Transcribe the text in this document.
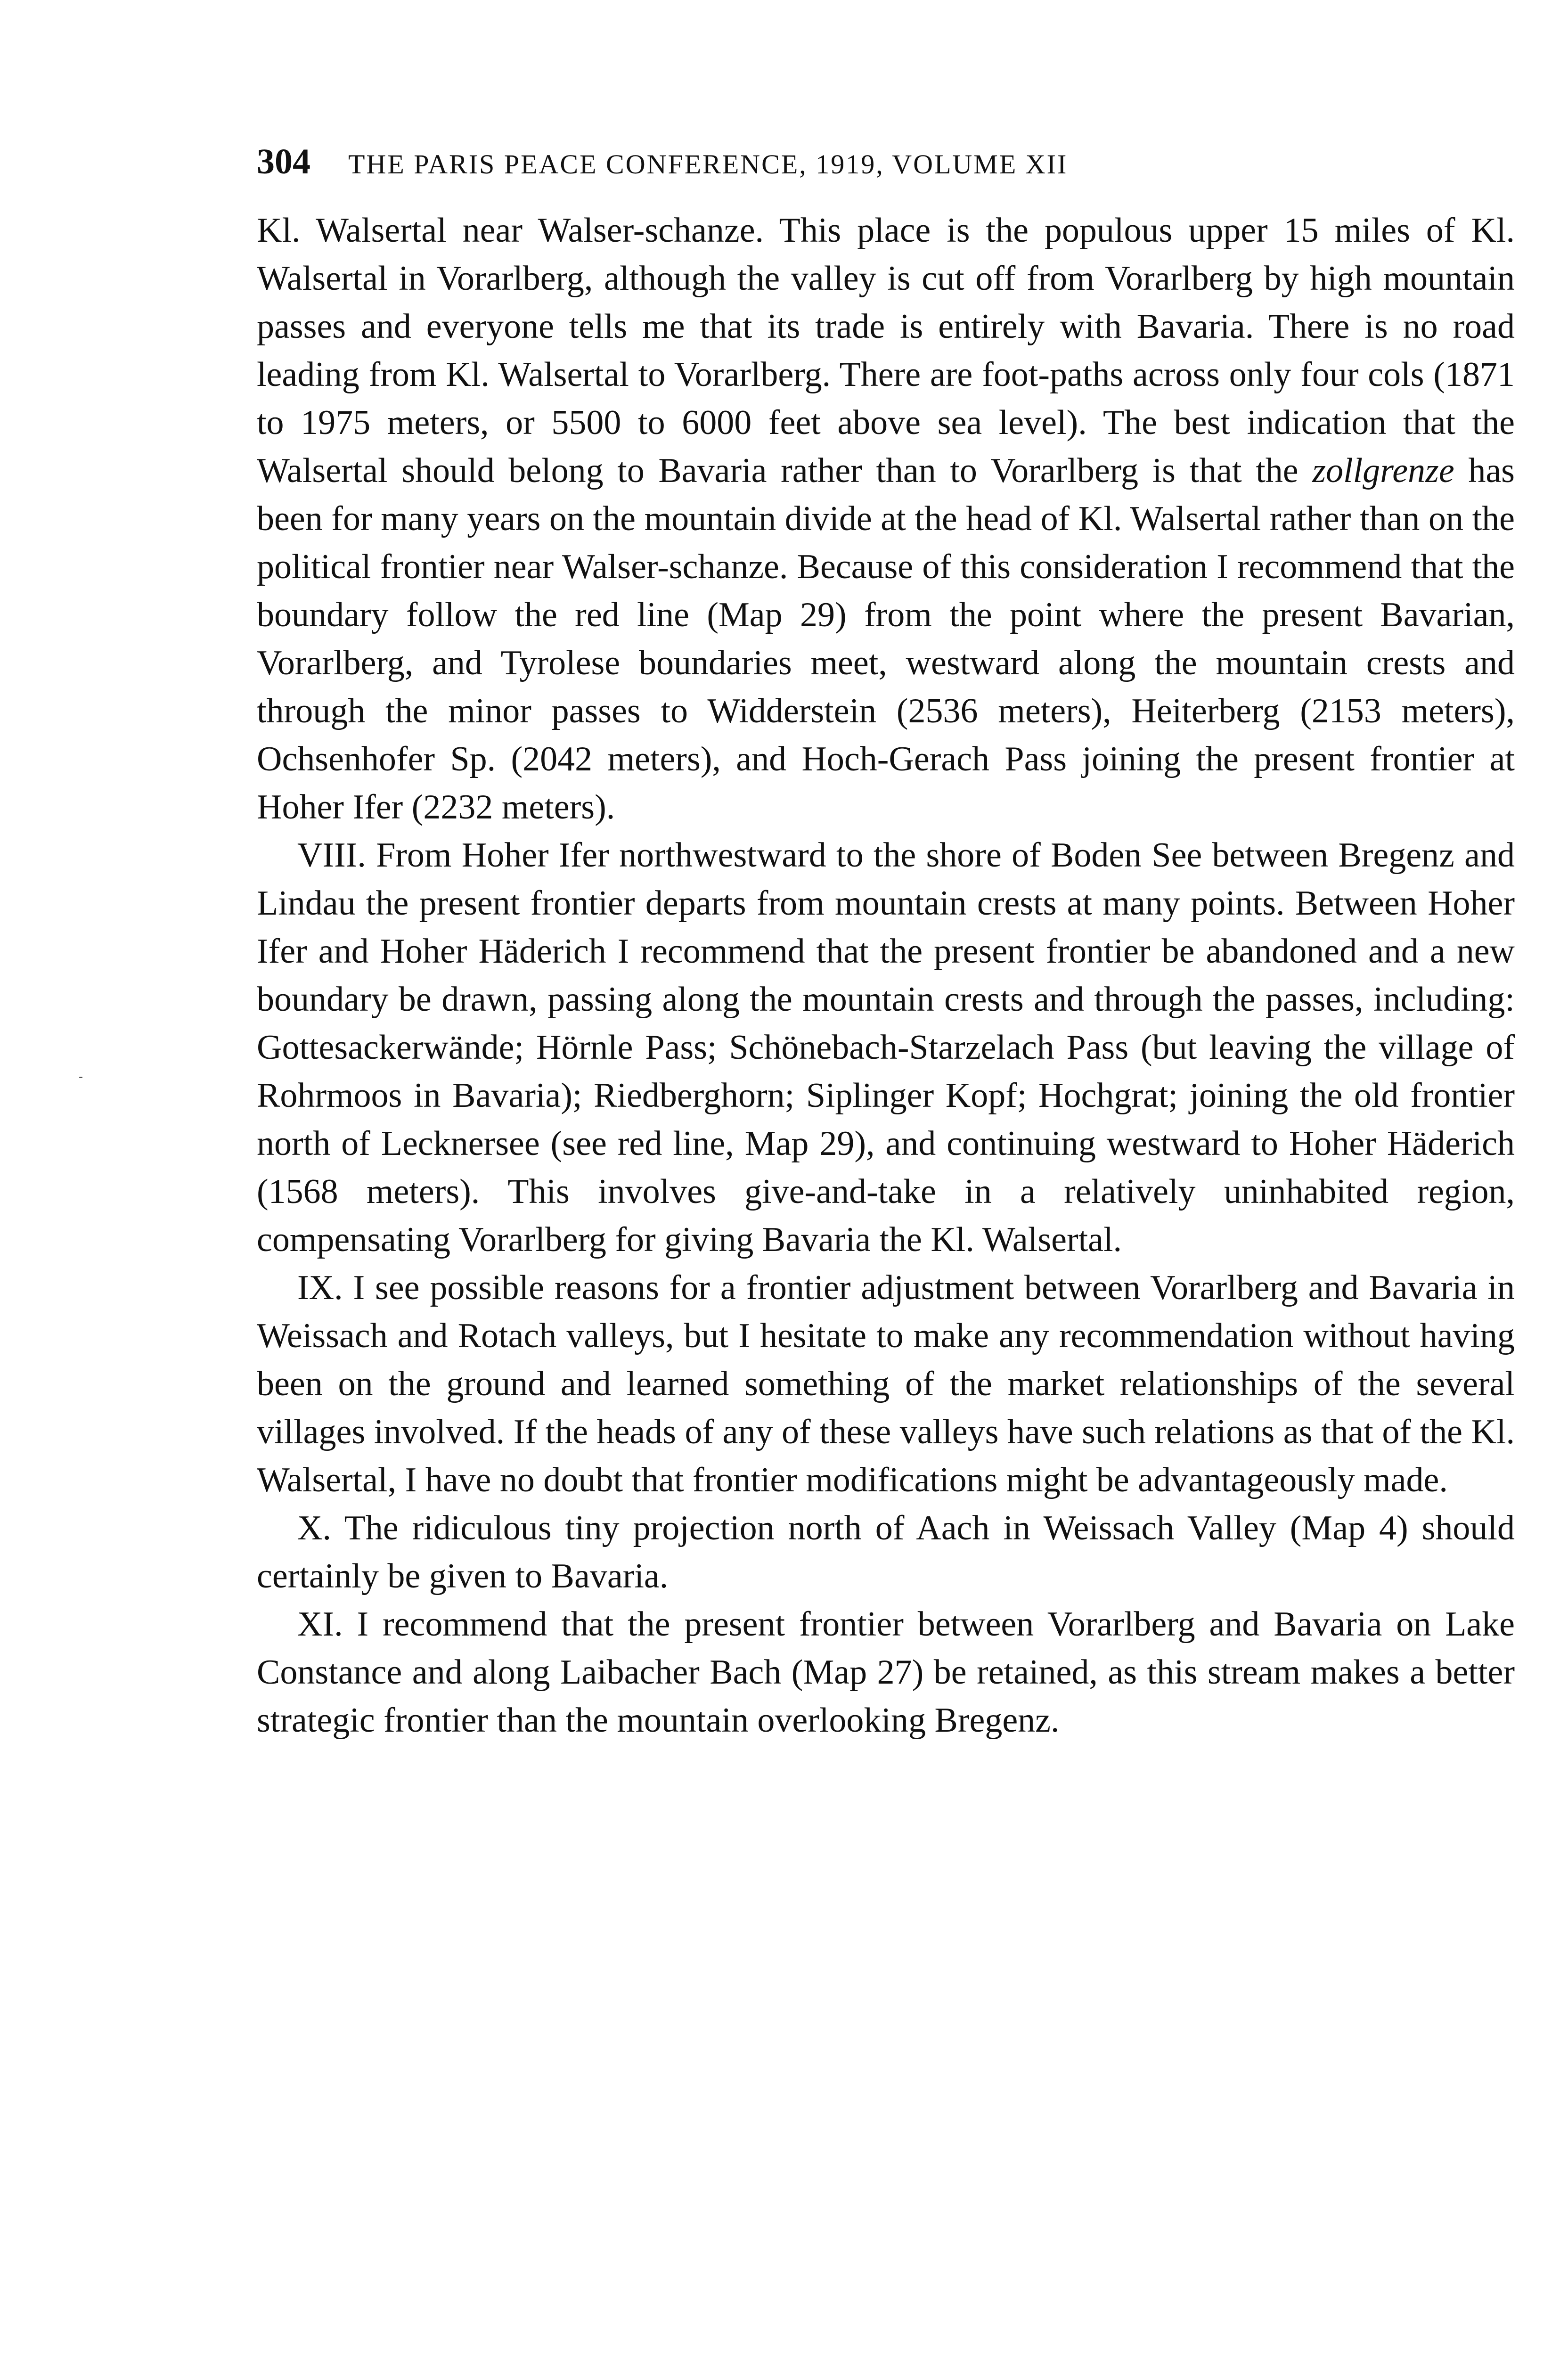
304 THE PARIS PEACE CONFERENCE, 1919, VOLUME XII

Kl. Walsertal near Walser-schanze. This place is the populous upper 15 miles of Kl. Walsertal in Vorarlberg, although the valley is cut off from Vorarlberg by high mountain passes and everyone tells me that its trade is entirely with Bavaria. There is no road leading from Kl. Walsertal to Vorarlberg. There are foot-paths across only four cols (1871 to 1975 meters, or 5500 to 6000 feet above sea level). The best indication that the Walsertal should belong to Bavaria rather than to Vorarlberg is that the zollgrenze has been for many years on the mountain divide at the head of Kl. Walsertal rather than on the political frontier near Walser-schanze. Because of this consideration I recommend that the boundary follow the red line (Map 29) from the point where the present Bavarian, Vorarlberg, and Tyrolese boundaries meet, westward along the mountain crests and through the minor passes to Widderstein (2536 meters), Heiterberg (2153 meters), Ochsenhofer Sp. (2042 meters), and Hoch-Gerach Pass joining the present frontier at Hoher Ifer (2232 meters).

VIII. From Hoher Ifer northwestward to the shore of Boden See between Bregenz and Lindau the present frontier departs from mountain crests at many points. Between Hoher Ifer and Hoher Häderich I recommend that the present frontier be abandoned and a new boundary be drawn, passing along the mountain crests and through the passes, including: Gottesackerwände; Hörnle Pass; Schönebach-Starzelach Pass (but leaving the village of Rohrmoos in Bavaria); Riedberghorn; Siplinger Kopf; Hochgrat; joining the old frontier north of Lecknersee (see red line, Map 29), and continuing westward to Hoher Häderich (1568 meters). This involves give-and-take in a relatively uninhabited region, compensating Vorarlberg for giving Bavaria the Kl. Walsertal.

IX. I see possible reasons for a frontier adjustment between Vorarlberg and Bavaria in Weissach and Rotach valleys, but I hesitate to make any recommendation without having been on the ground and learned something of the market relationships of the several villages involved. If the heads of any of these valleys have such relations as that of the Kl. Walsertal, I have no doubt that frontier modifications might be advantageously made.

X. The ridiculous tiny projection north of Aach in Weissach Valley (Map 4) should certainly be given to Bavaria.

XI. I recommend that the present frontier between Vorarlberg and Bavaria on Lake Constance and along Laibacher Bach (Map 27) be retained, as this stream makes a better strategic frontier than the mountain overlooking Bregenz.
